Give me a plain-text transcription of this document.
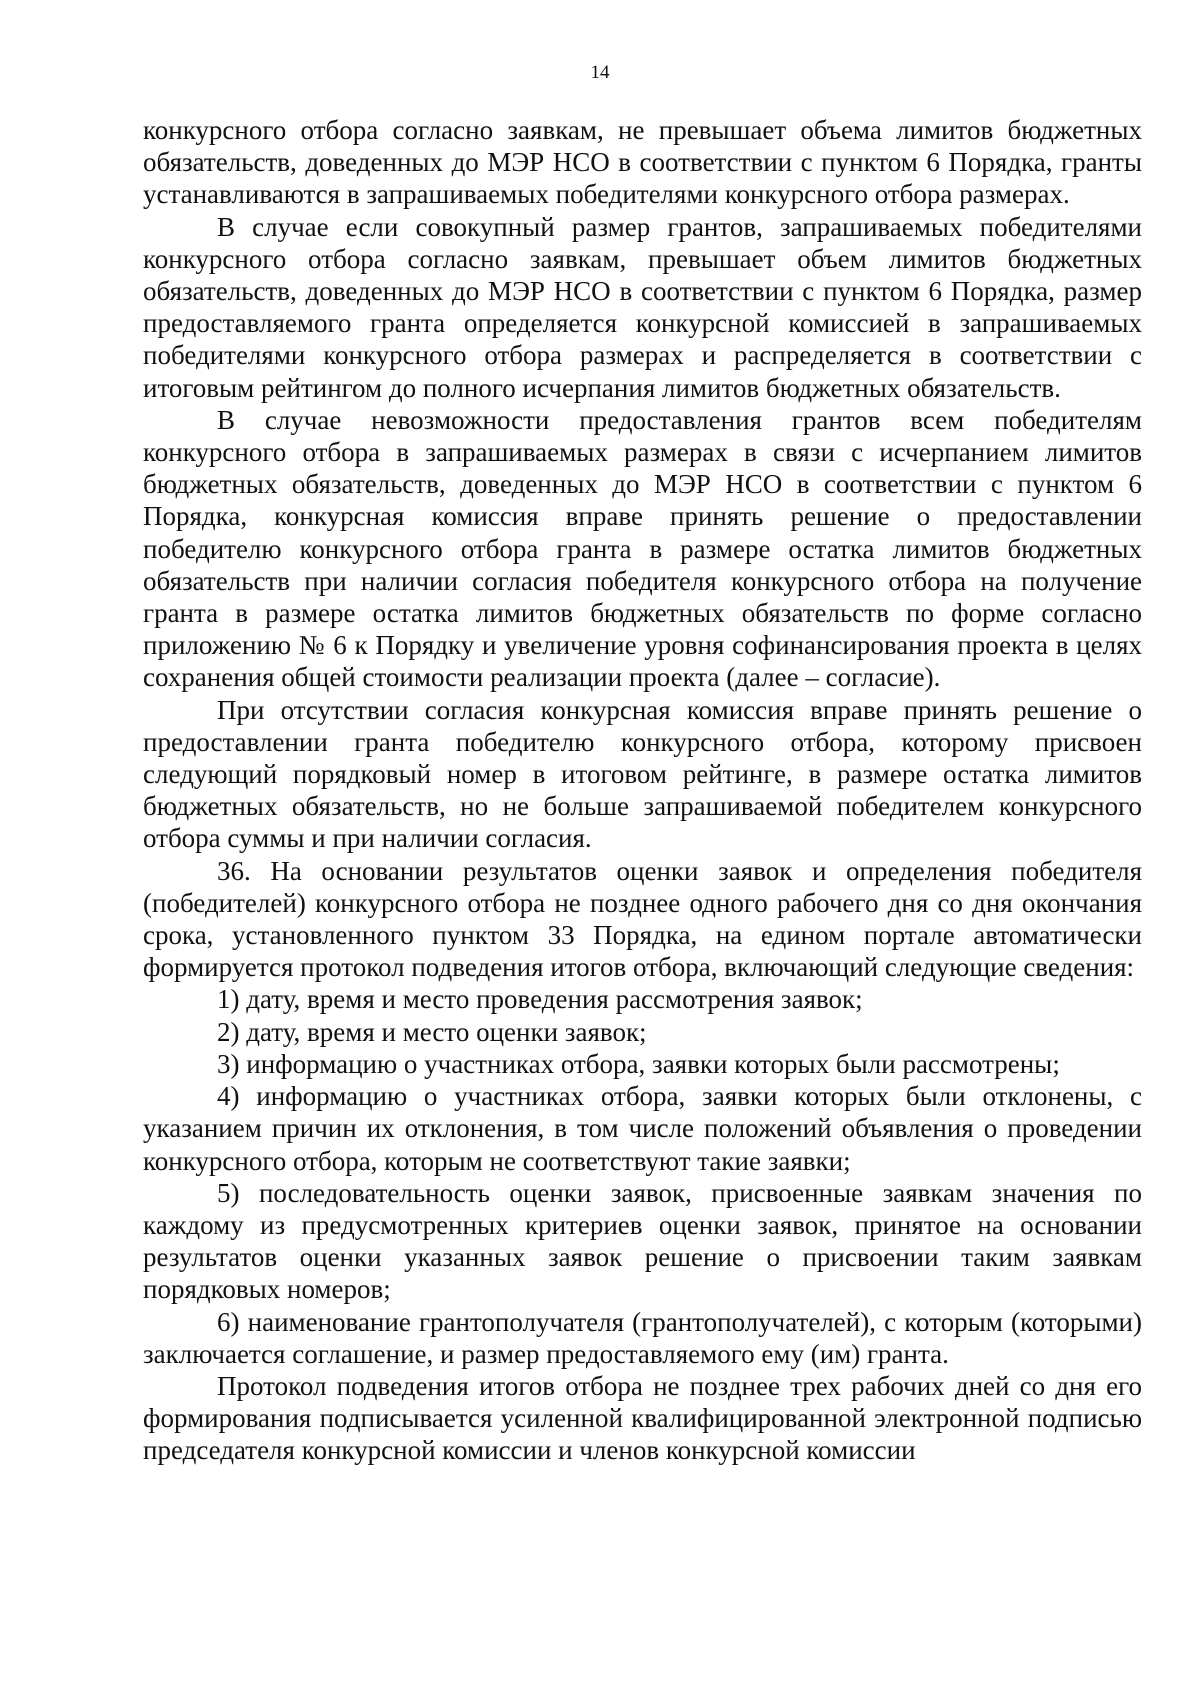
14

конкурсного отбора согласно заявкам, не превышает объема лимитов бюджетных обязательств, доведенных до МЭР НСО в соответствии с пунктом 6 Порядка, гранты устанавливаются в запрашиваемых победителями конкурсного отбора размерах.

В случае если совокупный размер грантов, запрашиваемых победителями конкурсного отбора согласно заявкам, превышает объем лимитов бюджетных обязательств, доведенных до МЭР НСО в соответствии с пунктом 6 Порядка, размер предоставляемого гранта определяется конкурсной комиссией в запрашиваемых победителями конкурсного отбора размерах и распределяется в соответствии с итоговым рейтингом до полного исчерпания лимитов бюджетных обязательств.

В случае невозможности предоставления грантов всем победителям конкурсного отбора в запрашиваемых размерах в связи с исчерпанием лимитов бюджетных обязательств, доведенных до МЭР НСО в соответствии с пунктом 6 Порядка, конкурсная комиссия вправе принять решение о предоставлении победителю конкурсного отбора гранта в размере остатка лимитов бюджетных обязательств при наличии согласия победителя конкурсного отбора на получение гранта в размере остатка лимитов бюджетных обязательств по форме согласно приложению № 6 к Порядку и увеличение уровня софинансирования проекта в целях сохранения общей стоимости реализации проекта (далее – согласие).

При отсутствии согласия конкурсная комиссия вправе принять решение о предоставлении гранта победителю конкурсного отбора, которому присвоен следующий порядковый номер в итоговом рейтинге, в размере остатка лимитов бюджетных обязательств, но не больше запрашиваемой победителем конкурсного отбора суммы и при наличии согласия.

36. На основании результатов оценки заявок и определения победителя (победителей) конкурсного отбора не позднее одного рабочего дня со дня окончания срока, установленного пунктом 33 Порядка, на едином портале автоматически формируется протокол подведения итогов отбора, включающий следующие сведения:

1) дату, время и место проведения рассмотрения заявок;

2) дату, время и место оценки заявок;

3) информацию о участниках отбора, заявки которых были рассмотрены;

4) информацию о участниках отбора, заявки которых были отклонены, с указанием причин их отклонения, в том числе положений объявления о проведении конкурсного отбора, которым не соответствуют такие заявки;

5) последовательность оценки заявок, присвоенные заявкам значения по каждому из предусмотренных критериев оценки заявок, принятое на основании результатов оценки указанных заявок решение о присвоении таким заявкам порядковых номеров;

6) наименование грантополучателя (грантополучателей), с которым (которыми) заключается соглашение, и размер предоставляемого ему (им) гранта.

Протокол подведения итогов отбора не позднее трех рабочих дней со дня его формирования подписывается усиленной квалифицированной электронной подписью председателя конкурсной комиссии и членов конкурсной комиссии
